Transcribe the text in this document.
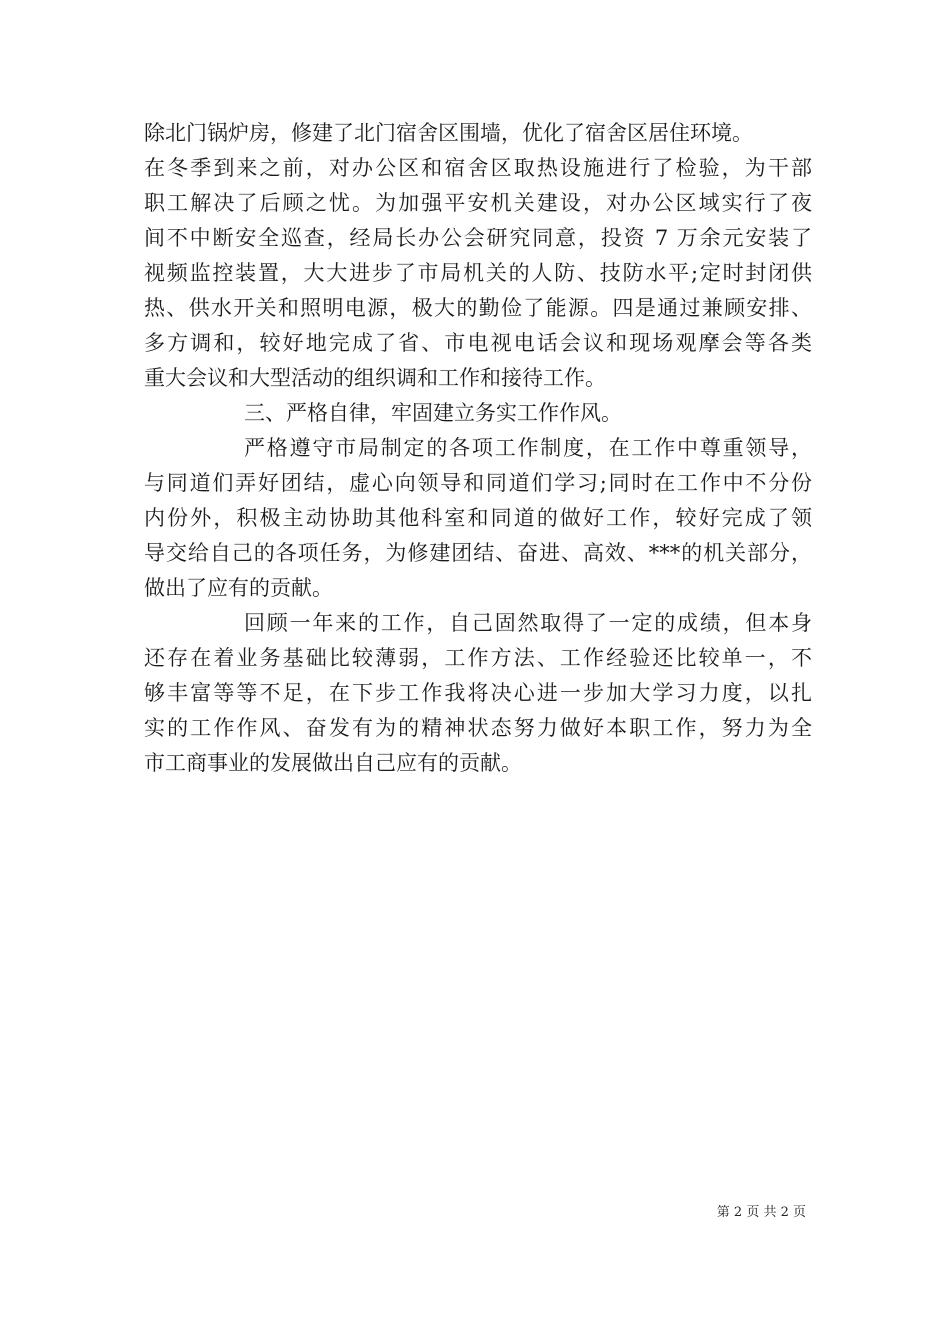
除北门锅炉房，修建了北门宿舍区围墙，优化了宿舍区居住环境。
在冬季到来之前，对办公区和宿舍区取热设施进行了检验，为干部
职工解决了后顾之忧。为加强平安机关建设，对办公区域实行了夜
间不中断安全巡查，经局长办公会研究同意，投资 7 万余元安装了
视频监控装置，大大进步了市局机关的人防、技防水平;定时封闭供
热、供水开关和照明电源，极大的勤俭了能源。四是通过兼顾安排、
多方调和，较好地完成了省、市电视电话会议和现场观摩会等各类
重大会议和大型活动的组织调和工作和接待工作。
三、严格自律，牢固建立务实工作作风。
严格遵守市局制定的各项工作制度，在工作中尊重领导，
与同道们弄好团结，虚心向领导和同道们学习;同时在工作中不分份
内份外，积极主动协助其他科室和同道的做好工作，较好完成了领
导交给自己的各项任务，为修建团结、奋进、高效、***的机关部分，
做出了应有的贡献。
回顾一年来的工作，自己固然取得了一定的成绩，但本身
还存在着业务基础比较薄弱，工作方法、工作经验还比较单一，不
够丰富等等不足，在下步工作我将决心进一步加大学习力度，以扎
实的工作作风、奋发有为的精神状态努力做好本职工作，努力为全
市工商事业的发展做出自己应有的贡献。
第 2 页 共 2 页
